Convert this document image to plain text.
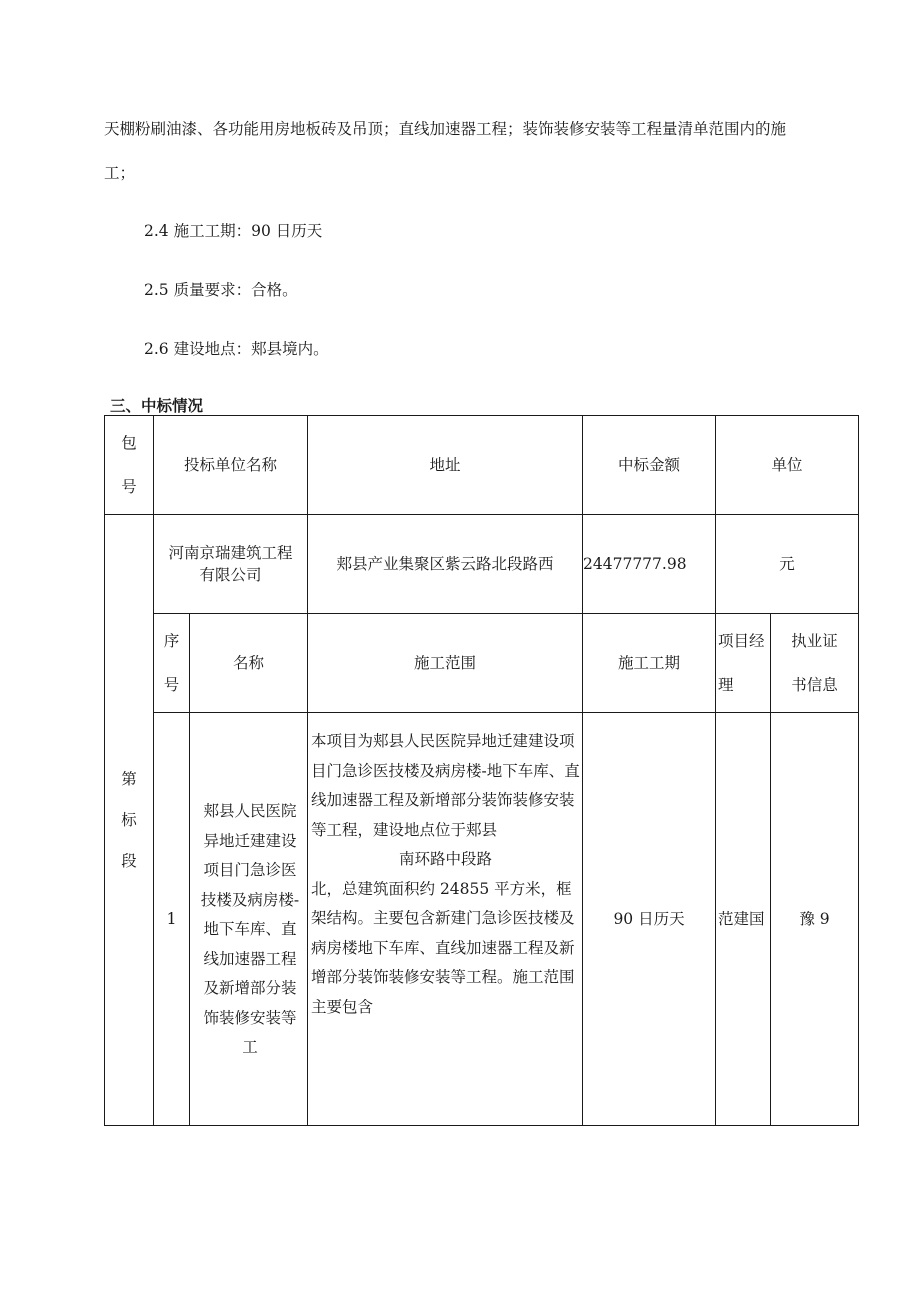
天棚粉刷油漆、各功能用房地板砖及吊顶；直线加速器工程；装饰装修安装等工程量清单范围内的施
工；
2.4 施工工期：90 日历天
2.5 质量要求：合格。
2.6 建设地点：郏县境内。
三、中标情况
包号	投标单位名称		地址	中标金额	单位	

第标段	河南京瑞建筑工程有限公司		郏县产业集聚区紫云路北段路西	24477777.98	元	

	序号	名称	施工范围	施工工期	项目经理	执业证书信息
	1	郏县人民医院异地迁建建设项目门急诊医技楼及病房楼-地下车库、直线加速器工程及新增部分装饰装修安装等工	本项目为郏县人民医院异地迁建建设项目门急诊医技楼及病房楼-地下车库、直线加速器工程及新增部分装饰装修安装等工程，建设地点位于郏县
南环路中段路
北，总建筑面积约 24855 平方米，框架结构。主要包含新建门急诊医技楼及病房楼地下车库、直线加速器工程及新增部分装饰装修安装等工程。施工范围主要包含	90 日历天	范建国	豫 9
